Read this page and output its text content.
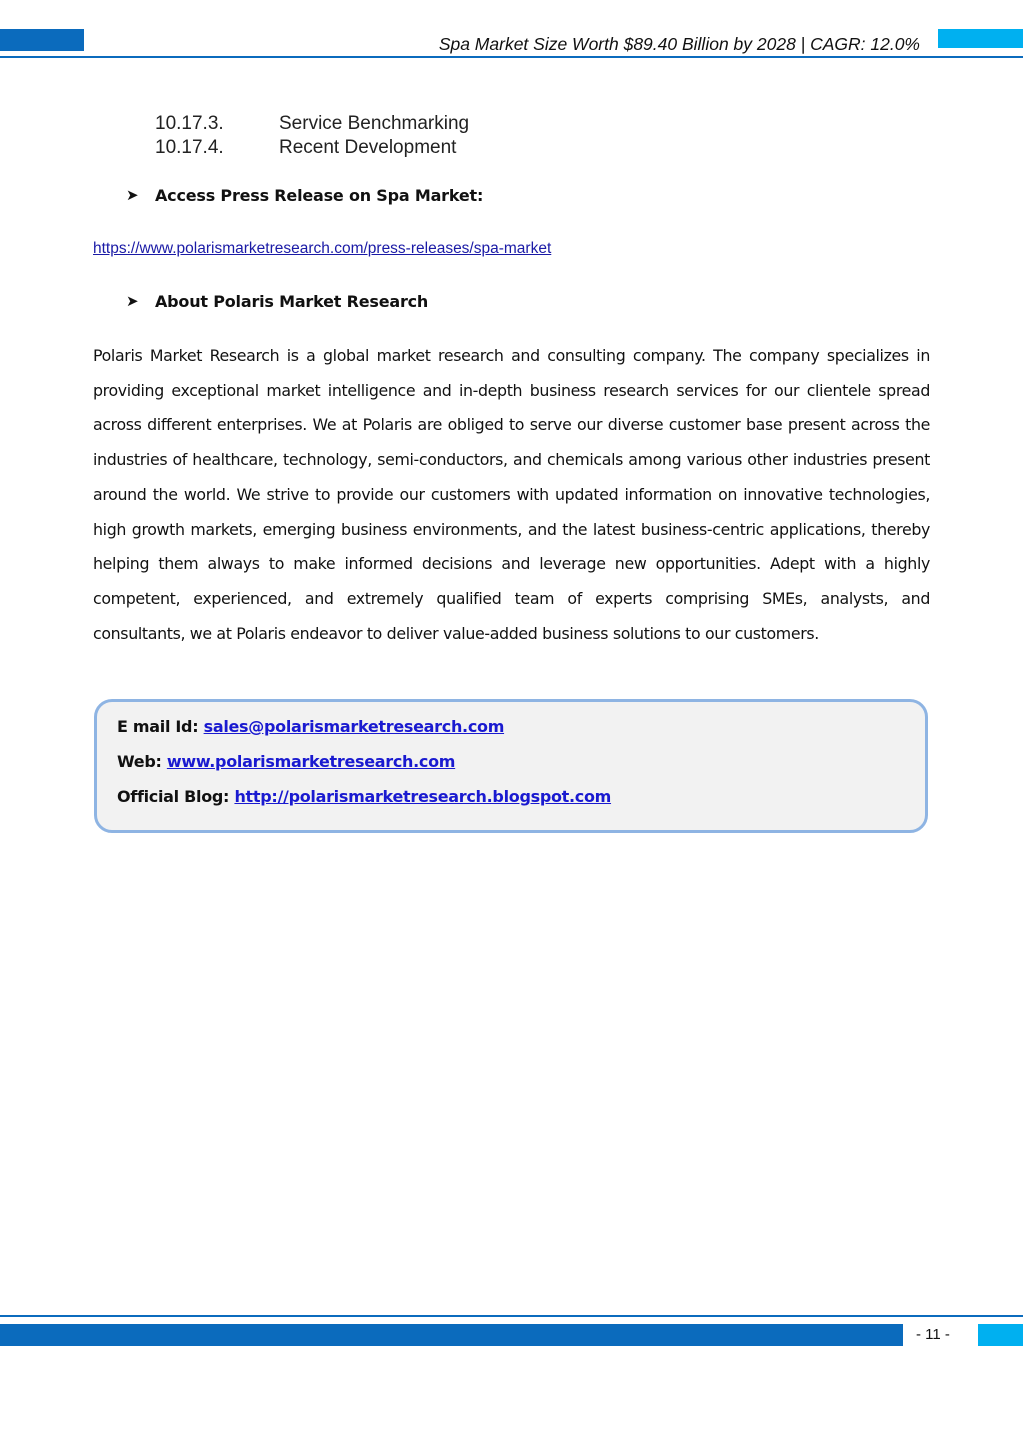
Spa Market Size Worth $89.40 Billion by 2028 | CAGR: 12.0%
10.17.3.	Service Benchmarking
10.17.4.	Recent Development
➤ Access Press Release on Spa Market:
https://www.polarismarketresearch.com/press-releases/spa-market
➤ About Polaris Market Research
Polaris Market Research is a global market research and consulting company. The company specializes in providing exceptional market intelligence and in-depth business research services for our clientele spread across different enterprises. We at Polaris are obliged to serve our diverse customer base present across the industries of healthcare, technology, semi-conductors, and chemicals among various other industries present around the world. We strive to provide our customers with updated information on innovative technologies, high growth markets, emerging business environments, and the latest business-centric applications, thereby helping them always to make informed decisions and leverage new opportunities. Adept with a highly competent, experienced, and extremely qualified team of experts comprising SMEs, analysts, and consultants, we at Polaris endeavor to deliver value-added business solutions to our customers.
E mail Id: sales@polarismarketresearch.com
Web: www.polarismarketresearch.com
Official Blog: http://polarismarketresearch.blogspot.com
- 11 -
